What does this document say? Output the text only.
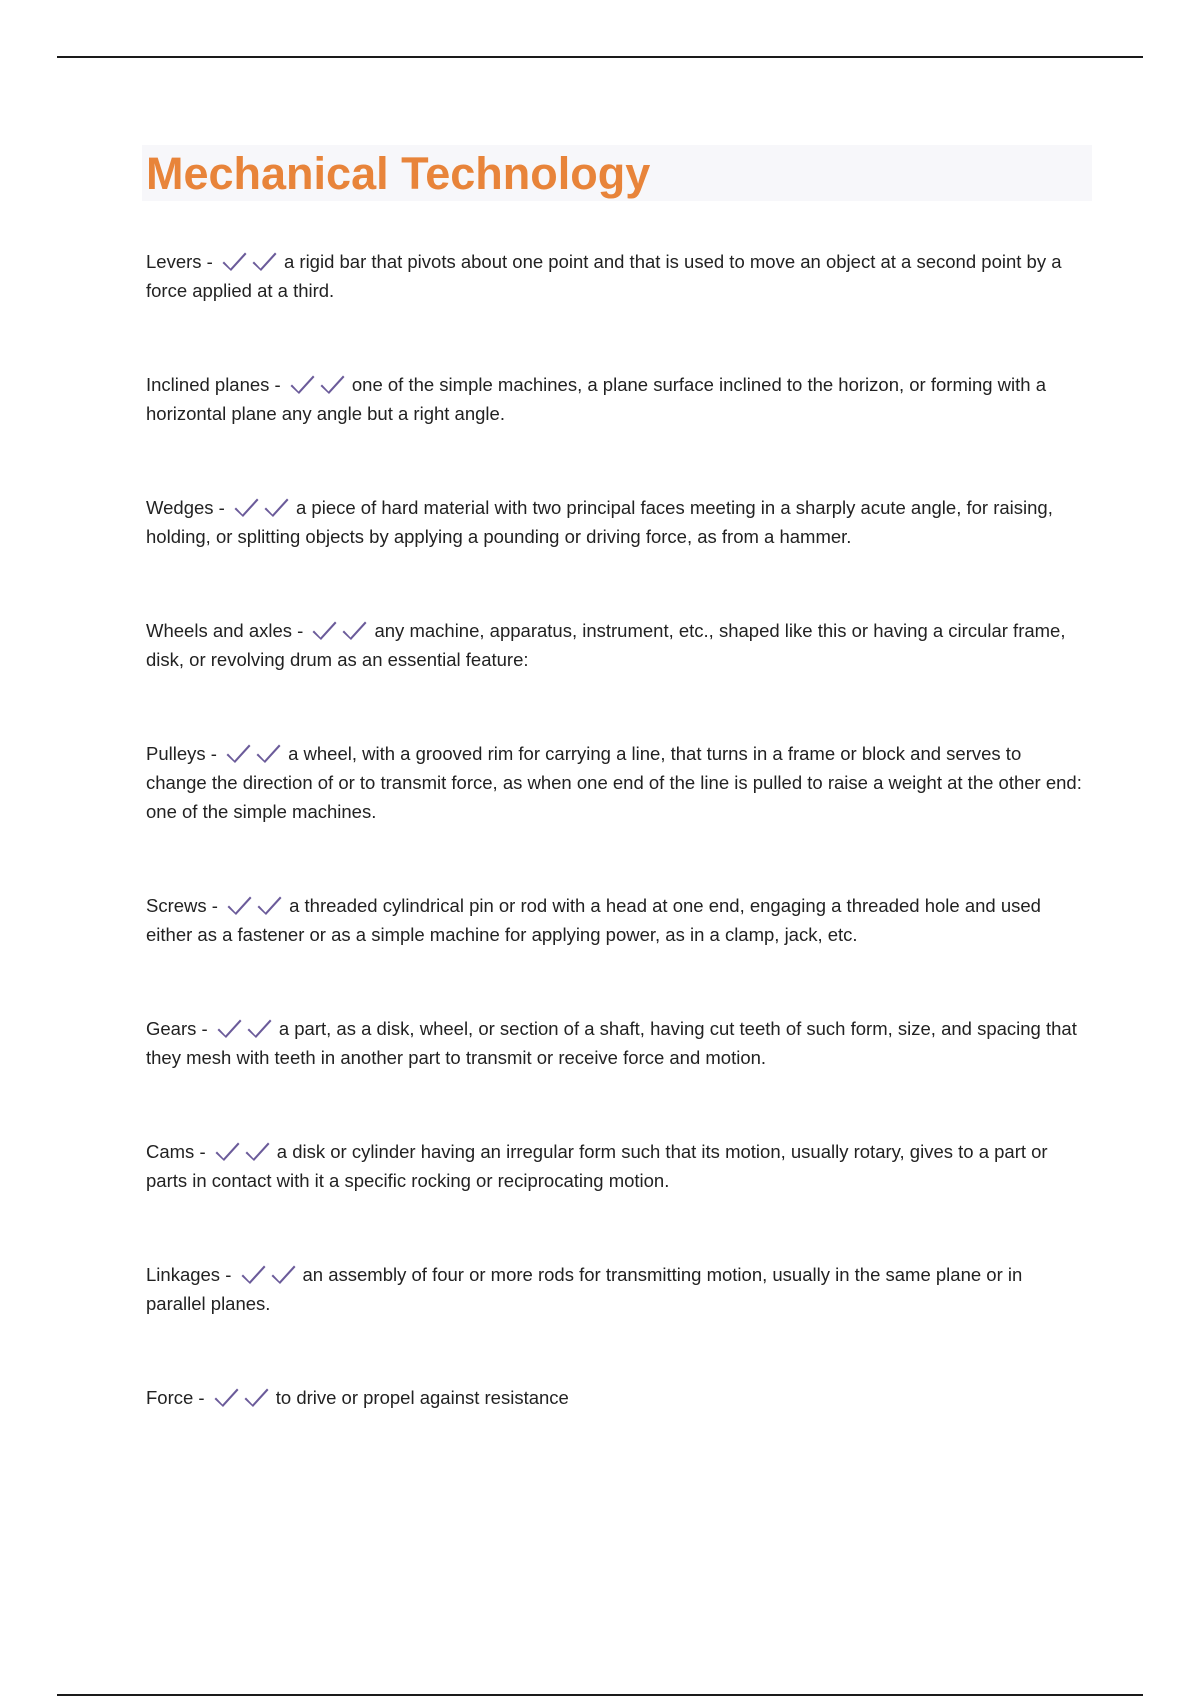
Mechanical Technology
Levers -	a rigid bar that pivots about one point and that is used to move an object at a second point by a force applied at a third.
Inclined planes -	one of the simple machines, a plane surface inclined to the horizon, or forming with a horizontal plane any angle but a right angle.
Wedges -	a piece of hard material with two principal faces meeting in a sharply acute angle, for raising, holding, or splitting objects by applying a pounding or driving force, as from a hammer.
Wheels and axles -	any machine, apparatus, instrument, etc., shaped like this or having a circular frame, disk, or revolving drum as an essential feature:
Pulleys -	a wheel, with a grooved rim for carrying a line, that turns in a frame or block and serves to change the direction of or to transmit force, as when one end of the line is pulled to raise a weight at the other end: one of the simple machines.
Screws -	a threaded cylindrical pin or rod with a head at one end, engaging a threaded hole and used either as a fastener or as a simple machine for applying power, as in a clamp, jack, etc.
Gears -	a part, as a disk, wheel, or section of a shaft, having cut teeth of such form, size, and spacing that they mesh with teeth in another part to transmit or receive force and motion.
Cams -	a disk or cylinder having an irregular form such that its motion, usually rotary, gives to a part or parts in contact with it a specific rocking or reciprocating motion.
Linkages -	an assembly of four or more rods for transmitting motion, usually in the same plane or in parallel planes.
Force -	to drive or propel against resistance
